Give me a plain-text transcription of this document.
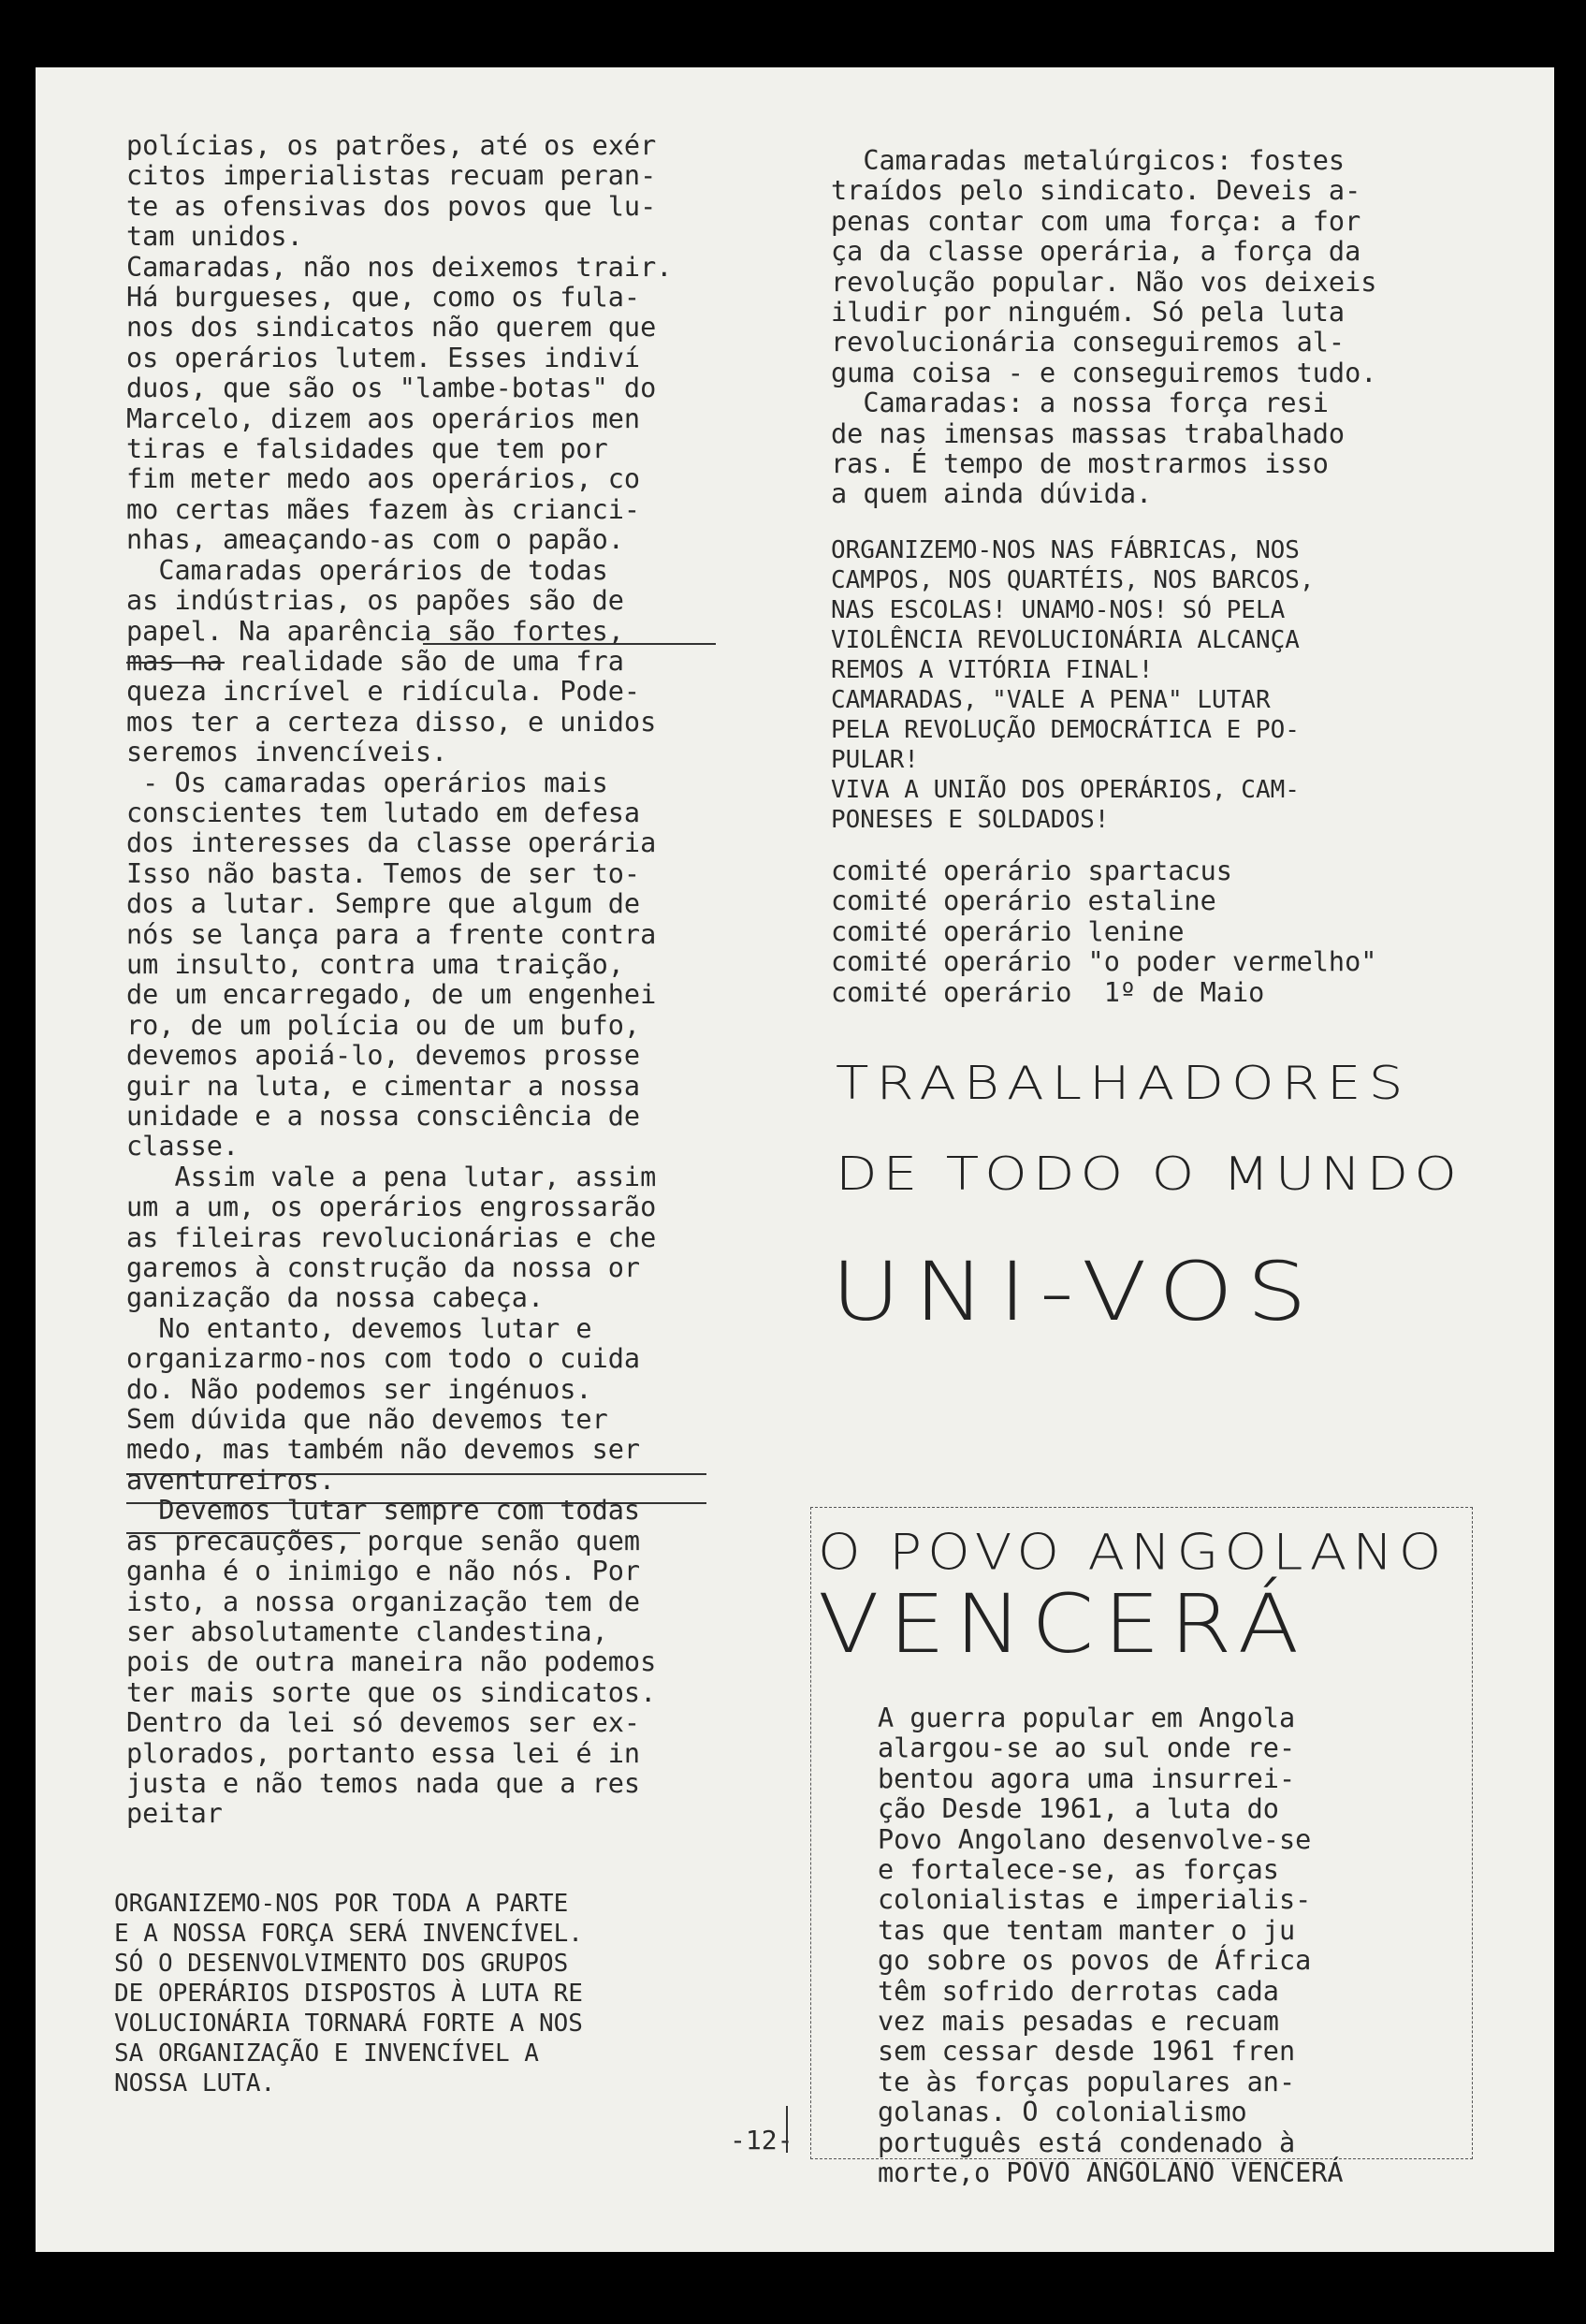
polícias, os patrões, até os exér
citos imperialistas recuam peran-
te as ofensivas dos povos que lu-
tam unidos.
Camaradas, não nos deixemos trair.
Há burgueses, que, como os fula-
nos dos sindicatos não querem que
os operários lutem. Esses indiví
duos, que são os "lambe-botas" do
Marcelo, dizem aos operários men
tiras e falsidades que tem por
fim meter medo aos operários, co
mo certas mães fazem às crianci-
nhas, ameaçando-as com o papão.
Camaradas operários de todas
as indústrias, os papões são de
papel. Na aparência são fortes,
mas na realidade são de uma fra
queza incrível e ridícula. Pode-
mos ter a certeza disso, e unidos
seremos invencíveis.
- Os camaradas operários mais
conscientes tem lutado em defesa
dos interesses da classe operária
Isso não basta. Temos de ser to-
dos a lutar. Sempre que algum de
nós se lança para a frente contra
um insulto, contra uma traição,
de um encarregado, de um engenhei
ro, de um polícia ou de um bufo,
devemos apoiá-lo, devemos prosse
guir na luta, e cimentar a nossa
unidade e a nossa consciência de
classe.
Assim vale a pena lutar, assim
um a um, os operários engrossarão
as fileiras revolucionárias e che
garemos à construção da nossa or
ganização da nossa cabeça.
No entanto, devemos lutar e
organizarmo-nos com todo o cuida
do. Não podemos ser ingénuos.
Sem dúvida que não devemos ter
medo, mas também não devemos ser
aventureiros.
Devemos lutar sempre com todas
as precauções, porque senão quem
ganha é o inimigo e não nós. Por
isto, a nossa organização tem de
ser absolutamente clandestina,
pois de outra maneira não podemos
ter mais sorte que os sindicatos.
Dentro da lei só devemos ser ex-
plorados, portanto essa lei é in
justa e não temos nada que a res
peitar
ORGANIZEMO-NOS POR TODA A PARTE
E A NOSSA FORÇA SERÁ INVENCÍVEL.
SÓ O DESENVOLVIMENTO DOS GRUPOS
DE OPERÁRIOS DISPOSTOS À LUTA RE
VOLUCIONÁRIA TORNARÁ FORTE A NOS
SA ORGANIZAÇÃO E INVENCÍVEL A
NOSSA LUTA.
Camaradas metalúrgicos: fostes
traídos pelo sindicato. Deveis a-
penas contar com uma força: a for
ça da classe operária, a força da
revolução popular. Não vos deixeis
iludir por ninguém. Só pela luta
revolucionária conseguiremos al-
guma coisa - e conseguiremos tudo.
Camaradas: a nossa força resi
de nas imensas massas trabalhado
ras. É tempo de mostrarmos isso
a quem ainda dúvida.
ORGANIZEMO-NOS NAS FÁBRICAS, NOS
CAMPOS, NOS QUARTÉIS, NOS BARCOS,
NAS ESCOLAS! UNAMO-NOS! SÓ PELA
VIOLÊNCIA REVOLUCIONÁRIA ALCANÇA
REMOS A VITÓRIA FINAL!
CAMARADAS, "VALE A PENA" LUTAR
PELA REVOLUÇÃO DEMOCRÁTICA E PO-
PULAR!
VIVA A UNIÃO DOS OPERÁRIOS, CAM-
PONESES E SOLDADOS!
comité operário spartacus
comité operário estaline
comité operário lenine
comité operário "o poder vermelho"
comité operário  1º de Maio
TRABALHADORES
DE TODO O MUNDO
UNI-VOS
O POVO ANGOLANO
VENCERÁ
A guerra popular em Angola
alargou-se ao sul onde re-
bentou agora uma insurrei-
ção Desde 1961, a luta do
Povo Angolano desenvolve-se
e fortalece-se, as forças
colonialistas e imperialis-
tas que tentam manter o ju
go sobre os povos de África
têm sofrido derrotas cada
vez mais pesadas e recuam
sem cessar desde 1961 fren
te às forças populares an-
golanas. O colonialismo
português está condenado à
morte,o POVO ANGOLANO VENCERÁ
-12-
